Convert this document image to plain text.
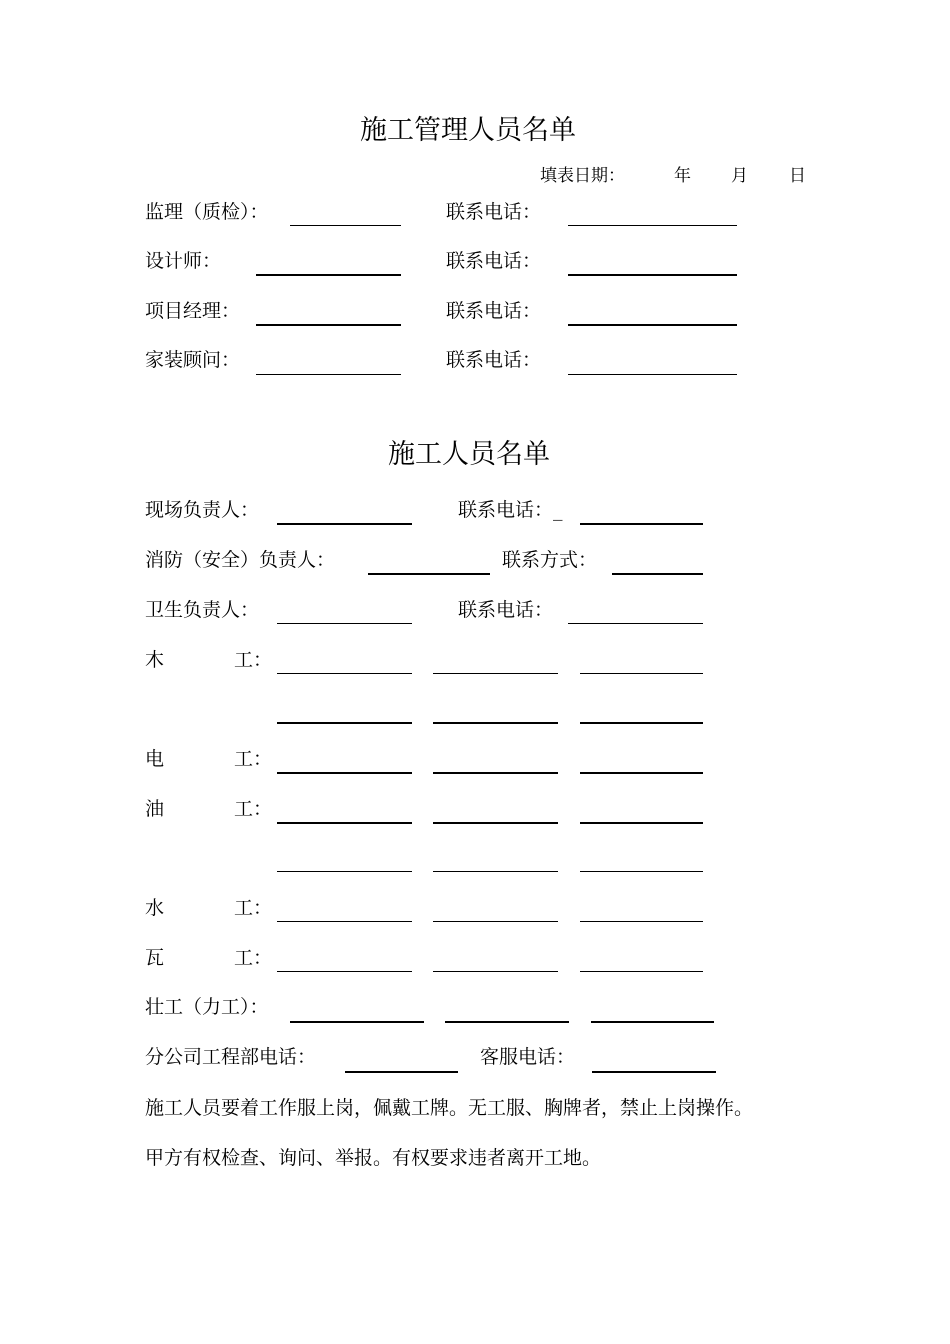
施工管理人员名单
填表日期：	年 月 日
监理（质检）：	联系电话：
设计师：	联系电话：
项目经理：	联系电话：
家装顾问：	联系电话：
施工人员名单
现场负责人：	联系电话：_
消防（安全）负责人：	联系方式：
卫生负责人：	联系电话：
木	工：
电	工：
油	工：
水	工：
瓦	工：
壮工（力工）：
分公司工程部电话：	客服电话：
施工人员要着工作服上岗，佩戴工牌。无工服、胸牌者，禁止上岗操作。
甲方有权检查、询问、举报。有权要求违者离开工地。
